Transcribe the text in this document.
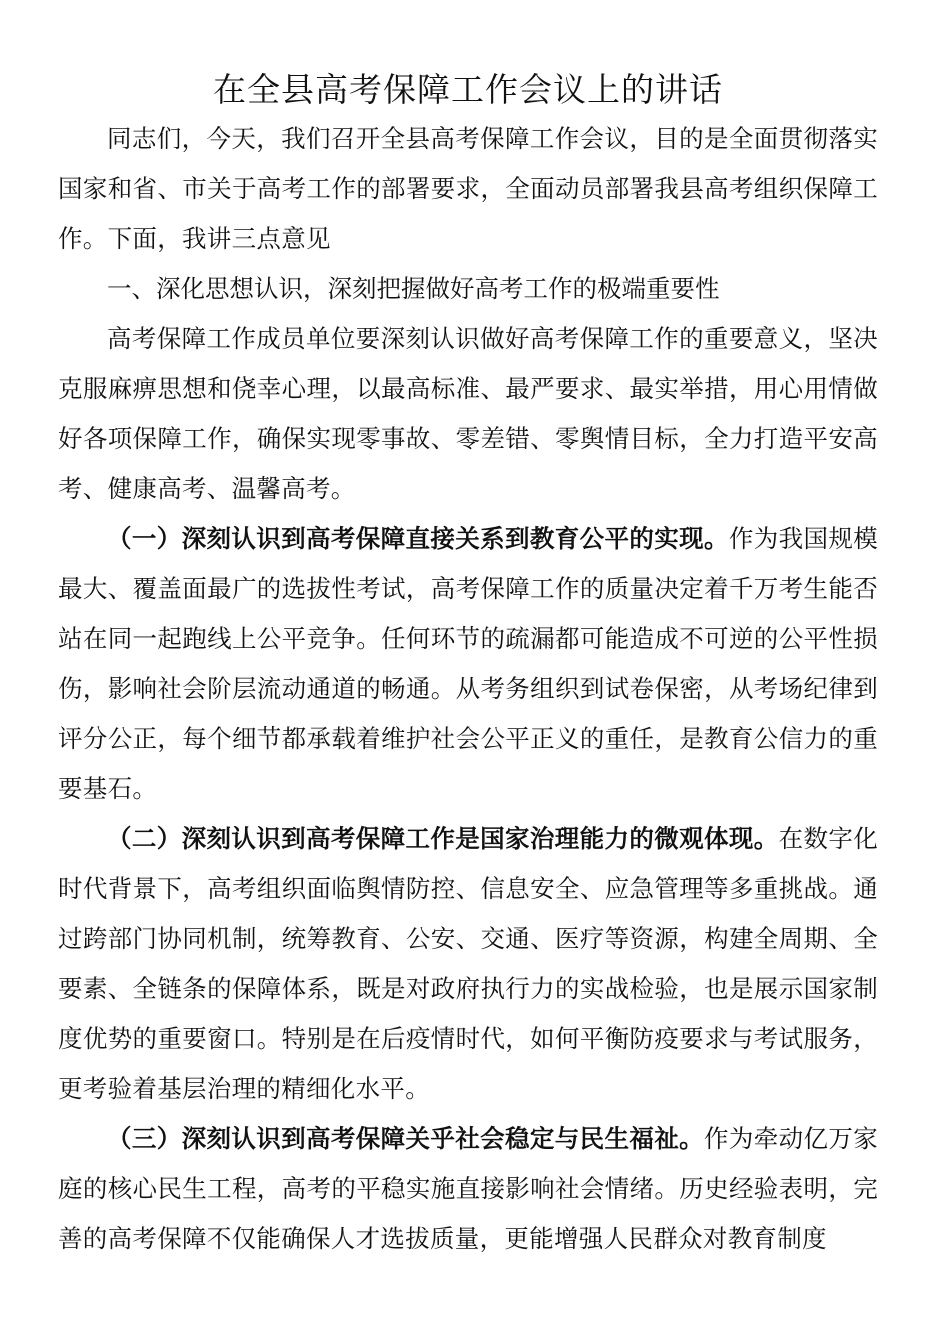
在全县高考保障工作会议上的讲话

同志们，今天，我们召开全县高考保障工作会议，目的是全面贯彻落实国家和省、市关于高考工作的部署要求，全面动员部署我县高考组织保障工作。下面，我讲三点意见

一、深化思想认识，深刻把握做好高考工作的极端重要性

高考保障工作成员单位要深刻认识做好高考保障工作的重要意义，坚决克服麻痹思想和侥幸心理，以最高标准、最严要求、最实举措，用心用情做好各项保障工作，确保实现零事故、零差错、零舆情目标，全力打造平安高考、健康高考、温馨高考。

（一）深刻认识到高考保障直接关系到教育公平的实现。作为我国规模最大、覆盖面最广的选拔性考试，高考保障工作的质量决定着千万考生能否站在同一起跑线上公平竞争。任何环节的疏漏都可能造成不可逆的公平性损伤，影响社会阶层流动通道的畅通。从考务组织到试卷保密，从考场纪律到评分公正，每个细节都承载着维护社会公平正义的重任，是教育公信力的重要基石。

（二）深刻认识到高考保障工作是国家治理能力的微观体现。在数字化时代背景下，高考组织面临舆情防控、信息安全、应急管理等多重挑战。通过跨部门协同机制，统筹教育、公安、交通、医疗等资源，构建全周期、全要素、全链条的保障体系，既是对政府执行力的实战检验，也是展示国家制度优势的重要窗口。特别是在后疫情时代，如何平衡防疫要求与考试服务，更考验着基层治理的精细化水平。

（三）深刻认识到高考保障关乎社会稳定与民生福祉。作为牵动亿万家庭的核心民生工程，高考的平稳实施直接影响社会情绪。历史经验表明，完善的高考保障不仅能确保人才选拔质量，更能增强人民群众对教育制度
